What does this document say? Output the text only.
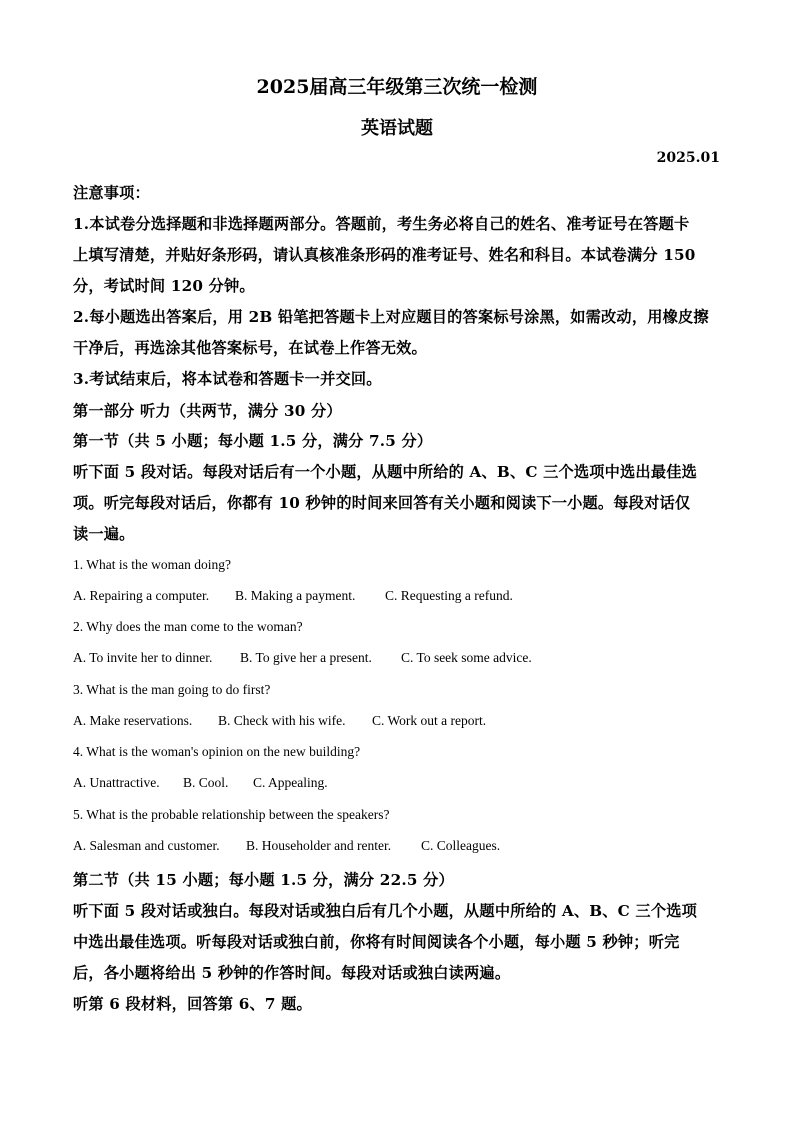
2025届高三年级第三次统一检测
英语试题
2025.01
注意事项：
1.本试卷分选择题和非选择题两部分。答题前，考生务必将自己的姓名、准考证号在答题卡
上填写清楚，并贴好条形码，请认真核准条形码的准考证号、姓名和科目。本试卷满分 150
分，考试时间 120 分钟。
2.每小题选出答案后，用 2B 铅笔把答题卡上对应题目的答案标号涂黑，如需改动，用橡皮擦
干净后，再选涂其他答案标号，在试卷上作答无效。
3.考试结束后，将本试卷和答题卡一并交回。
第一部分 听力（共两节，满分 30 分）
第一节（共 5 小题；每小题 1.5 分，满分 7.5 分）
听下面 5 段对话。每段对话后有一个小题，从题中所给的 A、B、C 三个选项中选出最佳选
项。听完每段对话后，你都有 10 秒钟的时间来回答有关小题和阅读下一小题。每段对话仅
读一遍。
1. What is the woman doing?
A. Repairing a computer. B. Making a payment. C. Requesting a refund.
2. Why does the man come to the woman?
A. To invite her to dinner. B. To give her a present. C. To seek some advice.
3. What is the man going to do first?
A. Make reservations. B. Check with his wife. C. Work out a report.
4. What is the woman's opinion on the new building?
A. Unattractive. B. Cool. C. Appealing.
5. What is the probable relationship between the speakers?
A. Salesman and customer. B. Householder and renter. C. Colleagues.
第二节（共 15 小题；每小题 1.5 分，满分 22.5 分）
听下面 5 段对话或独白。每段对话或独白后有几个小题，从题中所给的 A、B、C 三个选项
中选出最佳选项。听每段对话或独白前，你将有时间阅读各个小题，每小题 5 秒钟；听完
后，各小题将给出 5 秒钟的作答时间。每段对话或独白读两遍。
听第 6 段材料，回答第 6、7 题。
